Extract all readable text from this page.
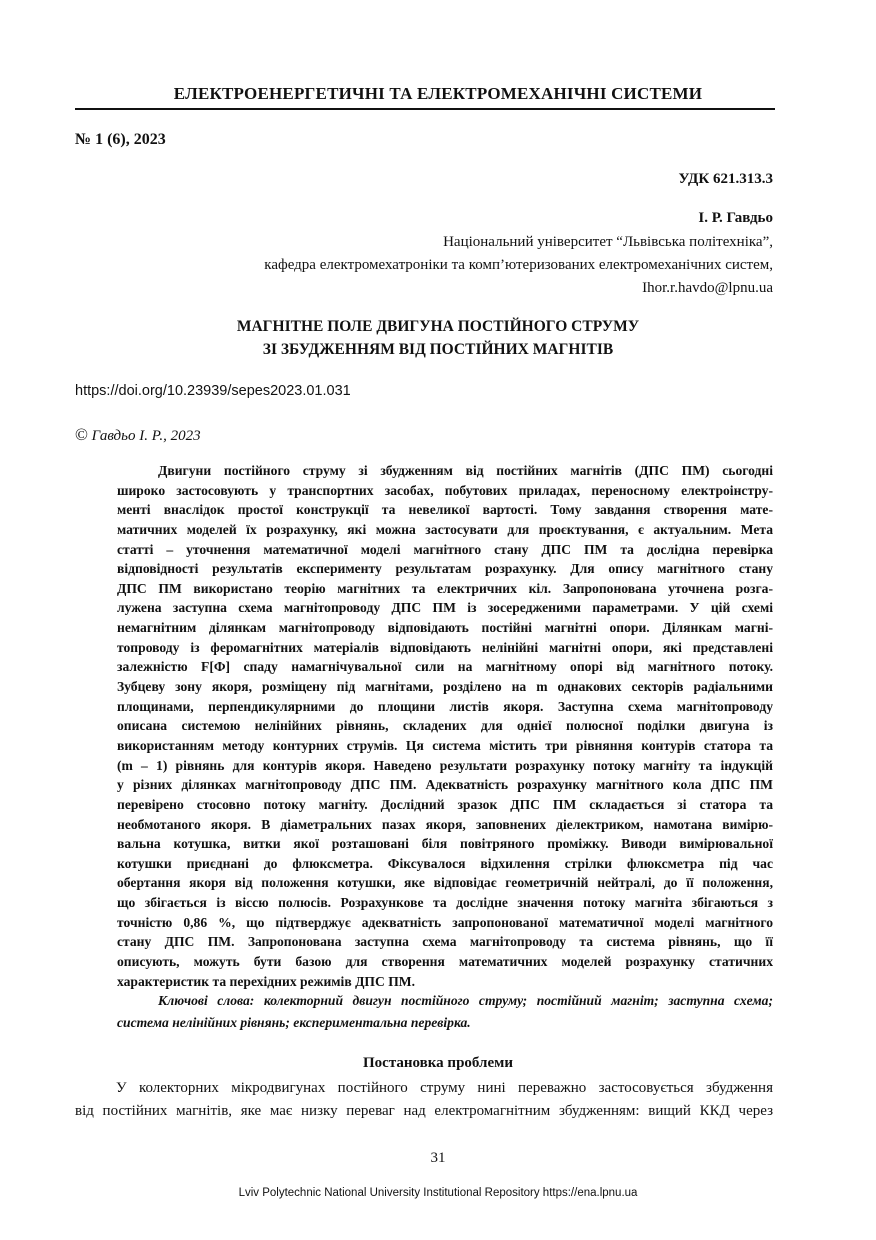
ЕЛЕКТРОЕНЕРГЕТИЧНІ ТА ЕЛЕКТРОМЕХАНІЧНІ СИСТЕМИ
№ 1 (6), 2023
УДК 621.313.3
І. Р. Гавдьо
Національний університет “Львівська політехніка”,
кафедра електромехатроніки та комп’ютеризованих електромеханічних систем,
Ihor.r.havdo@lpnu.ua
МАГНІТНЕ ПОЛЕ ДВИГУНА ПОСТІЙНОГО СТРУМУ
ЗІ ЗБУДЖЕННЯМ ВІД ПОСТІЙНИХ МАГНІТІВ
https://doi.org/10.23939/sepes2023.01.031
© Гавдьо І. Р., 2023
Двигуни постійного струму зі збудженням від постійних магнітів (ДПС ПМ) сьогодні
широко застосовують у транспортних засобах, побутових приладах, переносному електроінстру-
менті внаслідок простої конструкції та невеликої вартості. Тому завдання створення мате-
матичних моделей їх розрахунку, які можна застосувати для проєктування, є актуальним. Мета
статті – уточнення математичної моделі магнітного стану ДПС ПМ та дослідна перевірка
відповідності результатів експерименту результатам розрахунку. Для опису магнітного стану
ДПС ПМ використано теорію магнітних та електричних кіл. Запропонована уточнена розга-
лужена заступна схема магнітопроводу ДПС ПМ із зосередженими параметрами. У цій схемі
немагнітним ділянкам магнітопроводу відповідають постійні магнітні опори. Ділянкам магні-
топроводу із феромагнітних матеріалів відповідають нелінійні магнітні опори, які представлені
залежністю F[Ф] спаду намагнічувальної сили на магнітному опорі від магнітного потоку.
Зубцеву зону якоря, розміщену під магнітами, розділено на m однакових секторів радіальними
площинами, перпендикулярними до площини листів якоря. Заступна схема магнітопроводу
описана системою нелінійних рівнянь, складених для однієї полюсної поділки двигуна із
використанням методу контурних струмів. Ця система містить три рівняння контурів статора та
(m – 1) рівнянь для контурів якоря. Наведено результати розрахунку потоку магніту та індукцій
у різних ділянках магнітопроводу ДПС ПМ. Адекватність розрахунку магнітного кола ДПС ПМ
перевірено стосовно потоку магніту. Дослідний зразок ДПС ПМ складається зі статора та
необмотаного якоря. В діаметральних пазах якоря, заповнених діелектриком, намотана вимірю-
вальна котушка, витки якої розташовані біля повітряного проміжку. Виводи вимірювальної
котушки приєднані до флюксметра. Фіксувалося відхилення стрілки флюксметра під час
обертання якоря від положення котушки, яке відповідає геометричній нейтралі, до її положення,
що збігається із віссю полюсів. Розрахункове та дослідне значення потоку магніта збігаються з
точністю 0,86 %, що підтверджує адекватність запропонованої математичної моделі магнітного
стану ДПС ПМ. Запропонована заступна схема магнітопроводу та система рівнянь, що її
описують, можуть бути базою для створення математичних моделей розрахунку статичних
характеристик та перехідних режимів ДПС ПМ.
Ключові слова: колекторний двигун постійного струму; постійний магніт; заступна схема;
система нелінійних рівнянь; експериментальна перевірка.
Постановка проблеми
У колекторних мікродвигунах постійного струму нині переважно застосовується збудження
від постійних магнітів, яке має низку переваг над електромагнітним збудженням: вищий ККД через
31
Lviv Polytechnic National University Institutional Repository https://ena.lpnu.ua
